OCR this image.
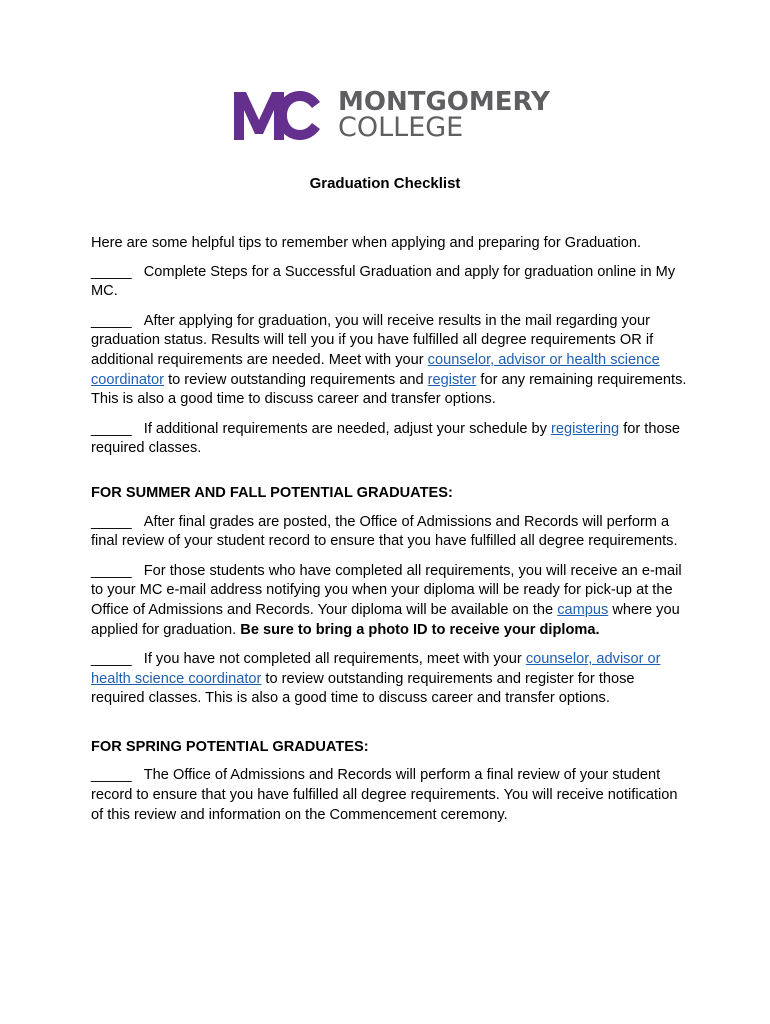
MONTGOMERY
COLLEGE
Graduation Checklist

Here are some helpful tips to remember when applying and preparing for Graduation.

_____ Complete Steps for a Successful Graduation and apply for graduation online in My MC.

_____ After applying for graduation, you will receive results in the mail regarding your graduation status. Results will tell you if you have fulfilled all degree requirements OR if additional requirements are needed. Meet with your counselor, advisor or health science coordinator to review outstanding requirements and register for any remaining requirements. This is also a good time to discuss career and transfer options.

_____ If additional requirements are needed, adjust your schedule by registering for those required classes.

FOR SUMMER AND FALL POTENTIAL GRADUATES:

_____ After final grades are posted, the Office of Admissions and Records will perform a final review of your student record to ensure that you have fulfilled all degree requirements.

_____ For those students who have completed all requirements, you will receive an e-mail to your MC e-mail address notifying you when your diploma will be ready for pick-up at the Office of Admissions and Records. Your diploma will be available on the campus where you applied for graduation. Be sure to bring a photo ID to receive your diploma.

_____ If you have not completed all requirements, meet with your counselor, advisor or health science coordinator to review outstanding requirements and register for those required classes. This is also a good time to discuss career and transfer options.

FOR SPRING POTENTIAL GRADUATES:

_____ The Office of Admissions and Records will perform a final review of your student record to ensure that you have fulfilled all degree requirements. You will receive notification of this review and information on the Commencement ceremony.
